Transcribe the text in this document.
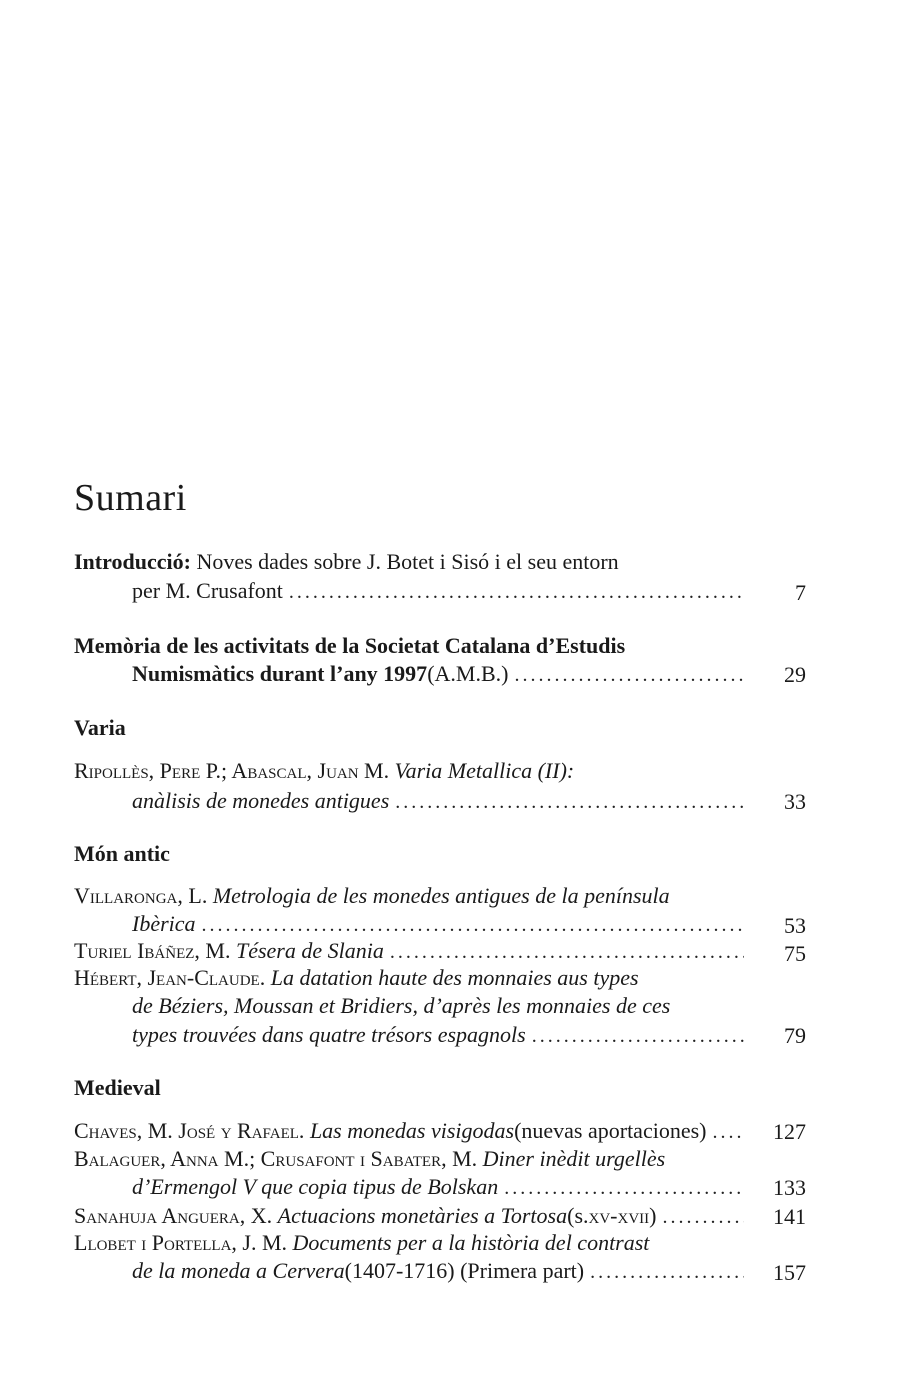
Sumari
Introducció: Noves dades sobre J. Botet i Sisó i el seu entorn
per M. Crusafont . . .	7
Memòria de les activitats de la Societat Catalana d’Estudis
Numismàtics durant l’any 1997 (A.M.B.) . . .	29
Varia
Ripollès, Pere P.; Abascal, Juan M. Varia Metallica (II):
anàlisis de monedes antigues . . .	33
Món antic
Villaronga, L. Metrologia de les monedes antigues de la península
Ibèrica . . .	53
Turiel Ibáñez, M.
Tésera de Slania . . .	75
Hébert, Jean-Claude. La datation haute des monnaies aus types
de Béziers, Moussan et Bridiers, d’après les monnaies de ces
types trouvées dans quatre trésors espagnols . . .	79
Medieval
Chaves, M. José y Rafael.
Las monedas visigodas (nuevas aportaciones) . . .	127
Balaguer, Anna M.; Crusafont i Sabater, M. Diner inèdit urgellès
d’Ermengol V que copia tipus de Bolskan . . .	133
Sanahuja Anguera, X.
Actuacions monetàries a Tortosa (s. xv-xvii ) . . .	141
Llobet i Portella, J. M. Documents per a la història del contrast
de la moneda a Cervera (1407-1716) (Primera part) . . .	157
